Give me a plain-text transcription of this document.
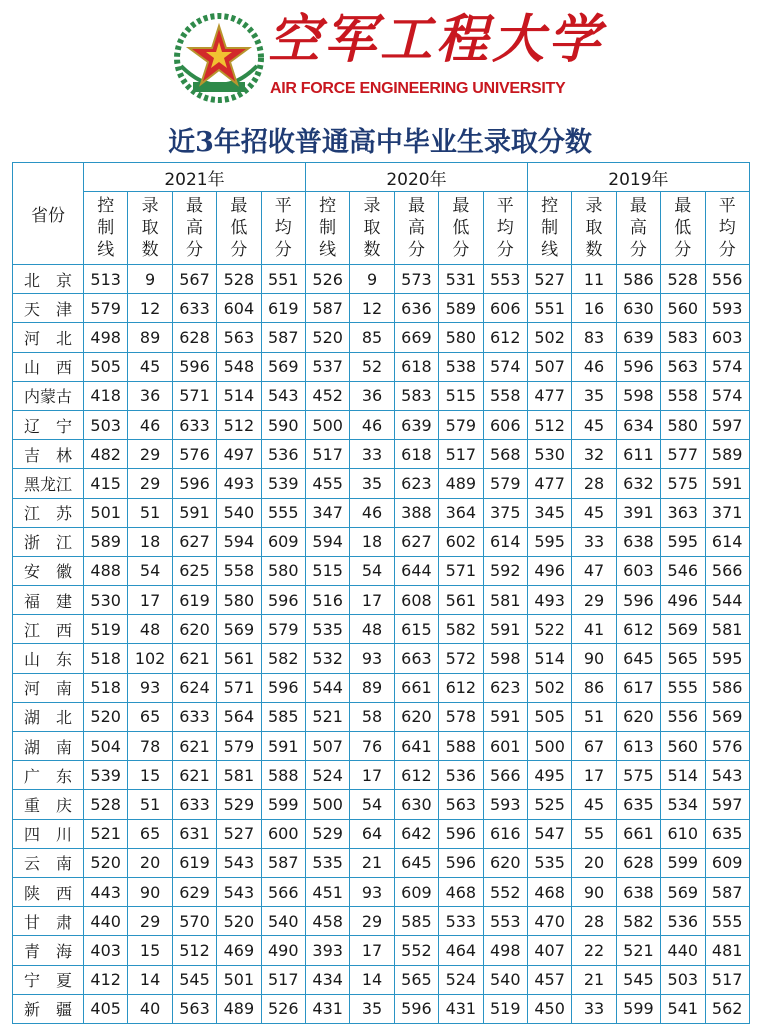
空军工程大学
AIR FORCE ENGINEERING UNIVERSITY
近3年招收普通高中毕业生录取分数
省份	2021年					2020年					2019年				

	控
制
线	录
取
数	最
高
分	最
低
分	平
均
分	控
制
线	录
取
数	最
高
分	最
低
分	平
均
分	控
制
线	录
取
数	最
高
分	最
低
分	平
均
分

北　京	513	9	567	528	551	526	9	573	531	553	527	11	586	528	556
天　津	579	12	633	604	619	587	12	636	589	606	551	16	630	560	593
河　北	498	89	628	563	587	520	85	669	580	612	502	83	639	583	603
山　西	505	45	596	548	569	537	52	618	538	574	507	46	596	563	574
内蒙古	418	36	571	514	543	452	36	583	515	558	477	35	598	558	574
辽　宁	503	46	633	512	590	500	46	639	579	606	512	45	634	580	597
吉　林	482	29	576	497	536	517	33	618	517	568	530	32	611	577	589
黑龙江	415	29	596	493	539	455	35	623	489	579	477	28	632	575	591
江　苏	501	51	591	540	555	347	46	388	364	375	345	45	391	363	371
浙　江	589	18	627	594	609	594	18	627	602	614	595	33	638	595	614
安　徽	488	54	625	558	580	515	54	644	571	592	496	47	603	546	566
福　建	530	17	619	580	596	516	17	608	561	581	493	29	596	496	544
江　西	519	48	620	569	579	535	48	615	582	591	522	41	612	569	581
山　东	518	102	621	561	582	532	93	663	572	598	514	90	645	565	595
河　南	518	93	624	571	596	544	89	661	612	623	502	86	617	555	586
湖　北	520	65	633	564	585	521	58	620	578	591	505	51	620	556	569
湖　南	504	78	621	579	591	507	76	641	588	601	500	67	613	560	576
广　东	539	15	621	581	588	524	17	612	536	566	495	17	575	514	543
重　庆	528	51	633	529	599	500	54	630	563	593	525	45	635	534	597
四　川	521	65	631	527	600	529	64	642	596	616	547	55	661	610	635
云　南	520	20	619	543	587	535	21	645	596	620	535	20	628	599	609
陕　西	443	90	629	543	566	451	93	609	468	552	468	90	638	569	587
甘　肃	440	29	570	520	540	458	29	585	533	553	470	28	582	536	555
青　海	403	15	512	469	490	393	17	552	464	498	407	22	521	440	481
宁　夏	412	14	545	501	517	434	14	565	524	540	457	21	545	503	517
新　疆	405	40	563	489	526	431	35	596	431	519	450	33	599	541	562
